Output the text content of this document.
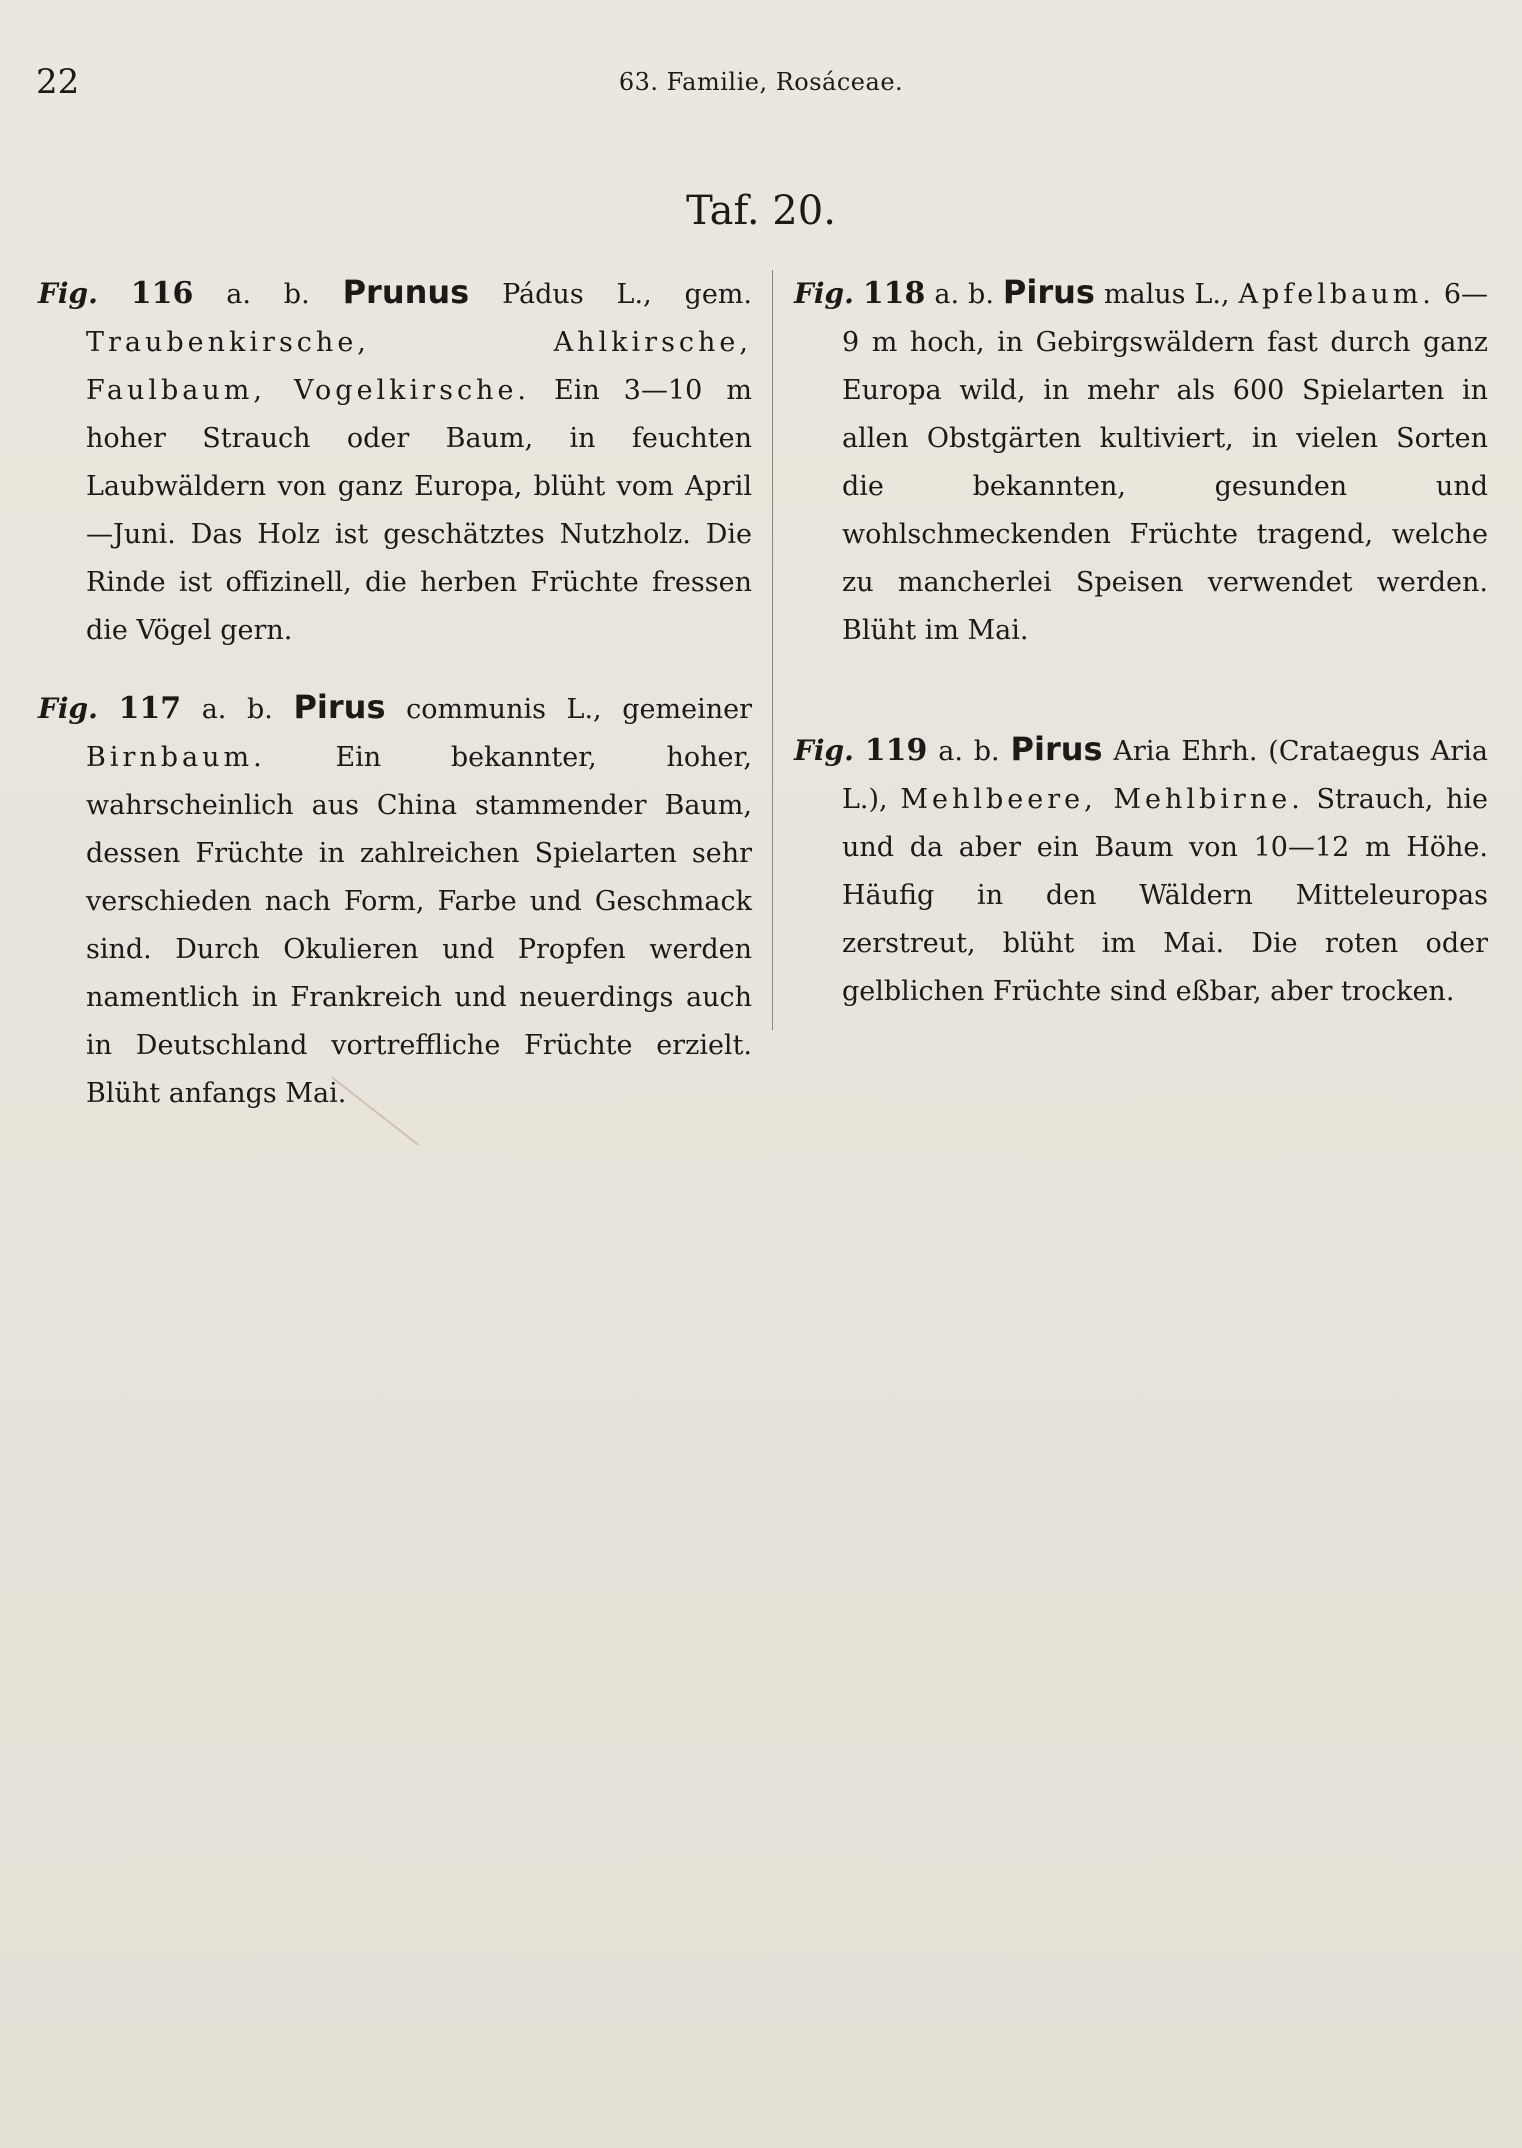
22	63. Familie, Rosáceae.
Taf. 20.

Fig. 116 a. b. Prunus Pádus L., gem. Traubenkirsche, Ahlkirsche, Faulbaum, Vogelkirsche. Ein 3—10 m hoher Strauch oder Baum, in feuchten Laubwäldern von ganz Europa, blüht vom April—Juni. Das Holz ist geschätztes Nutzholz. Die Rinde ist offizinell, die herben Früchte fressen die Vögel gern.

Fig. 117 a. b. Pirus communis L., gemeiner Birnbaum.	Ein bekannter, hoher, wahrscheinlich aus China stammender Baum, dessen Früchte in zahlreichen Spielarten sehr verschieden nach Form, Farbe und Geschmack sind. Durch Okulieren und Propfen werden namentlich in Frankreich und neuerdings auch in Deutschland vortreffliche Früchte erzielt. Blüht anfangs Mai.

Fig. 118 a. b. Pirus malus L., Apfelbaum. 6—9 m hoch, in Gebirgswäldern fast durch ganz Europa wild, in mehr als 600 Spielarten in allen Obstgärten kultiviert, in vielen Sorten die bekannten, gesunden und wohlschmeckenden Früchte tragend, welche zu mancherlei Speisen verwendet werden. Blüht im Mai.

Fig. 119 a. b. Pirus Aria Ehrh. (Crataegus Aria L.), Mehlbeere, Mehlbirne. Strauch, hie und da aber ein Baum von 10—12 m Höhe. Häufig in den Wäldern Mitteleuropas zerstreut, blüht im Mai. Die roten oder gelblichen Früchte sind eßbar, aber trocken.
